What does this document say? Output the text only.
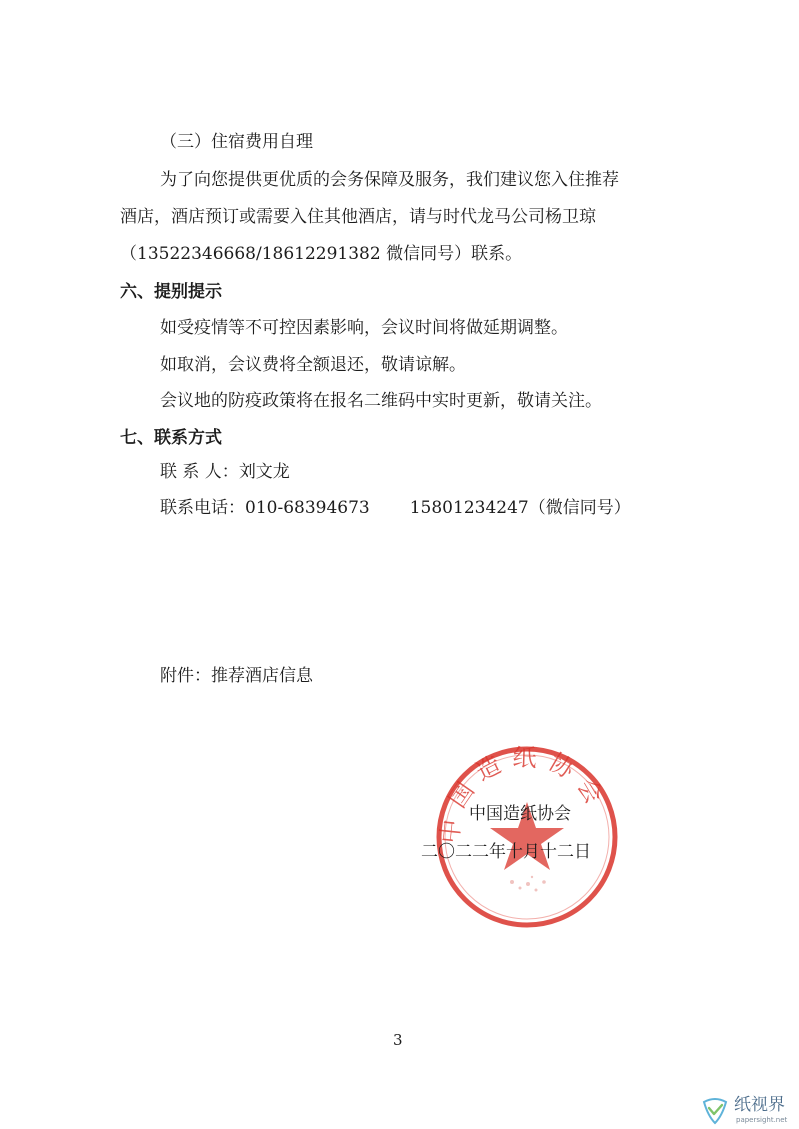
（三）住宿费用自理
为了向您提供更优质的会务保障及服务，我们建议您入住推荐
酒店，酒店预订或需要入住其他酒店，请与时代龙马公司杨卫琼
（13522346668/18612291382 微信同号）联系。
六、提别提示
如受疫情等不可控因素影响，会议时间将做延期调整。
如取消，会议费将全额退还，敬请谅解。
会议地的防疫政策将在报名二维码中实时更新，敬请关注。
七、联系方式
联 系 人：刘文龙
联系电话：010-68394673 15801234247（微信同号）
附件：推荐酒店信息
中国造纸协会
中国造纸协会
二〇二二年十月十二日
3
纸视界
papersight.net
